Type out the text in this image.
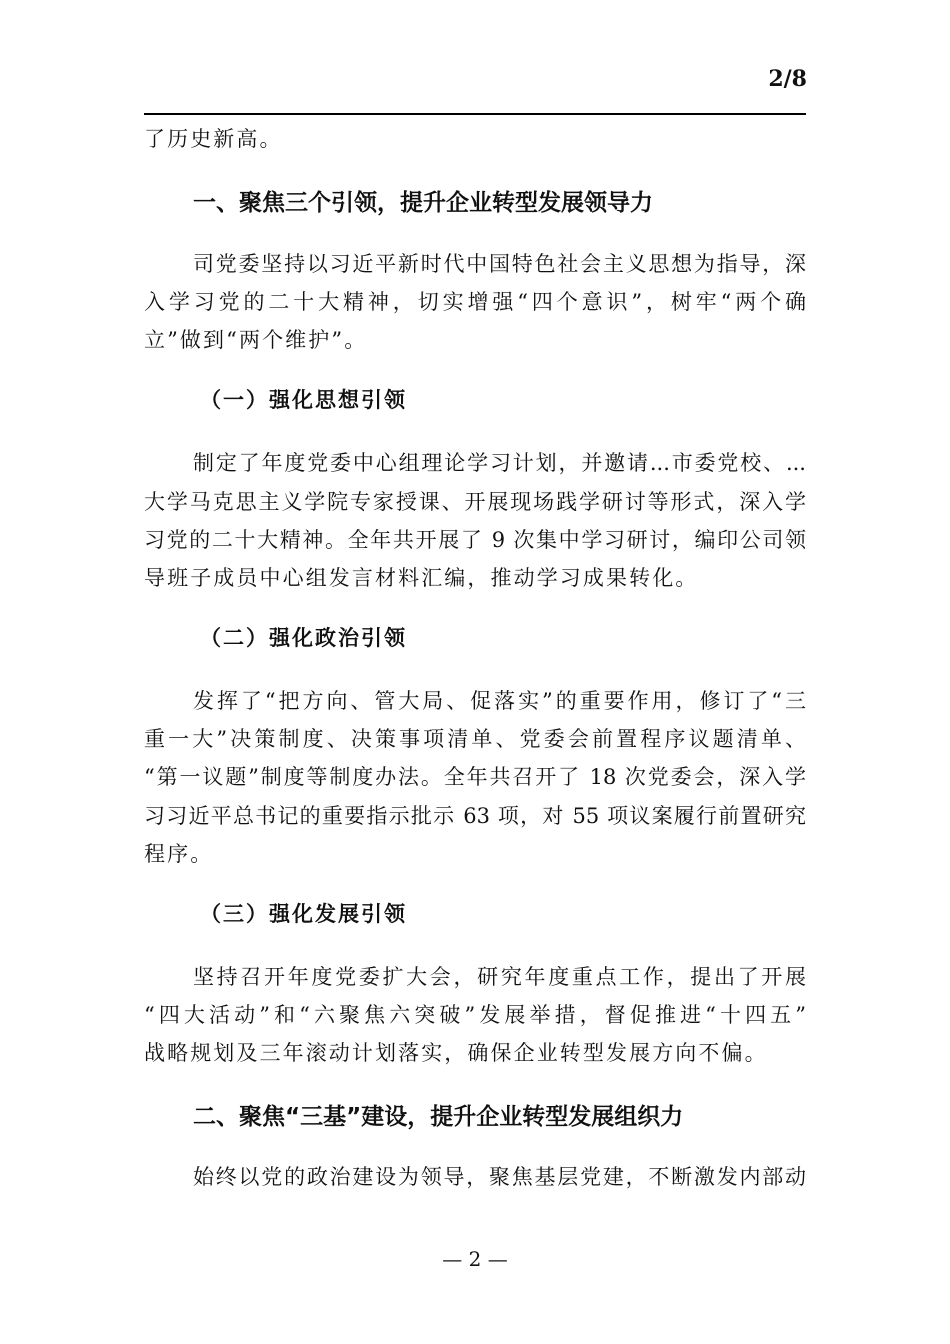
2/8
了历史新高。
一、聚焦三个引领，提升企业转型发展领导力
司党委坚持以习近平新时代中国特色社会主义思想为指导，深
入学习党的二十大精神，切实增强“四个意识”，树牢“两个确
立”做到“两个维护”。
（一）强化思想引领
制定了年度党委中心组理论学习计划，并邀请...市委党校、...
大学马克思主义学院专家授课、开展现场践学研讨等形式，深入学
习党的二十大精神。全年共开展了 9 次集中学习研讨，编印公司领
导班子成员中心组发言材料汇编，推动学习成果转化。
（二）强化政治引领
发挥了“把方向、管大局、促落实”的重要作用，修订了“三
重一大”决策制度、决策事项清单、党委会前置程序议题清单、
“第一议题”制度等制度办法。全年共召开了 18 次党委会，深入学
习习近平总书记的重要指示批示 63 项，对 55 项议案履行前置研究
程序。
（三）强化发展引领
坚持召开年度党委扩大会，研究年度重点工作，提出了开展
“四大活动”和“六聚焦六突破”发展举措，督促推进“十四五”
战略规划及三年滚动计划落实，确保企业转型发展方向不偏。
二、聚焦“三基”建设，提升企业转型发展组织力
始终以党的政治建设为领导，聚焦基层党建，不断激发内部动
— 2 —
